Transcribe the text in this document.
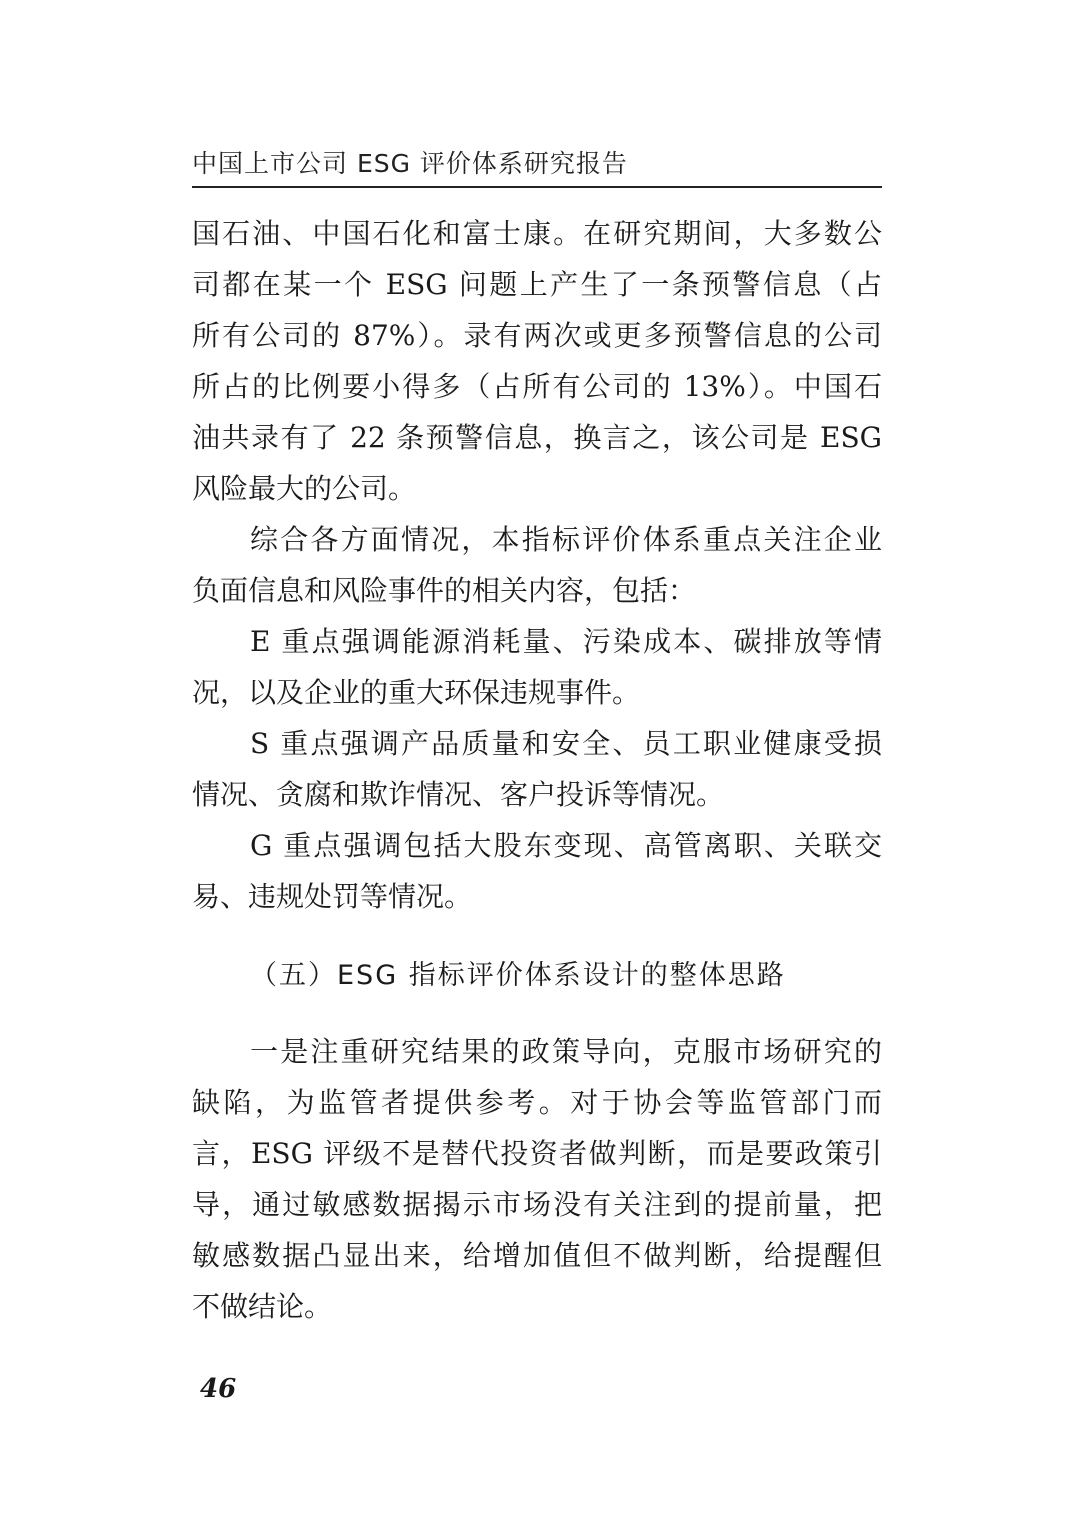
中国上市公司 ESG 评价体系研究报告
国石油、中国石化和富士康。在研究期间，大多数公
司都在某一个 ESG 问题上产生了一条预警信息（占
所有公司的 87%）。录有两次或更多预警信息的公司
所占的比例要小得多（占所有公司的 13%）。中国石
油共录有了 22 条预警信息，换言之，该公司是 ESG
风险最大的公司。
综合各方面情况，本指标评价体系重点关注企业
负面信息和风险事件的相关内容，包括：
E 重点强调能源消耗量、污染成本、碳排放等情
况，以及企业的重大环保违规事件。
S 重点强调产品质量和安全、员工职业健康受损
情况、贪腐和欺诈情况、客户投诉等情况。
G 重点强调包括大股东变现、高管离职、关联交
易、违规处罚等情况。
（五）ESG 指标评价体系设计的整体思路
一是注重研究结果的政策导向，克服市场研究的
缺陷，为监管者提供参考。对于协会等监管部门而
言，ESG 评级不是替代投资者做判断，而是要政策引
导，通过敏感数据揭示市场没有关注到的提前量，把
敏感数据凸显出来，给增加值但不做判断，给提醒但
不做结论。
46
